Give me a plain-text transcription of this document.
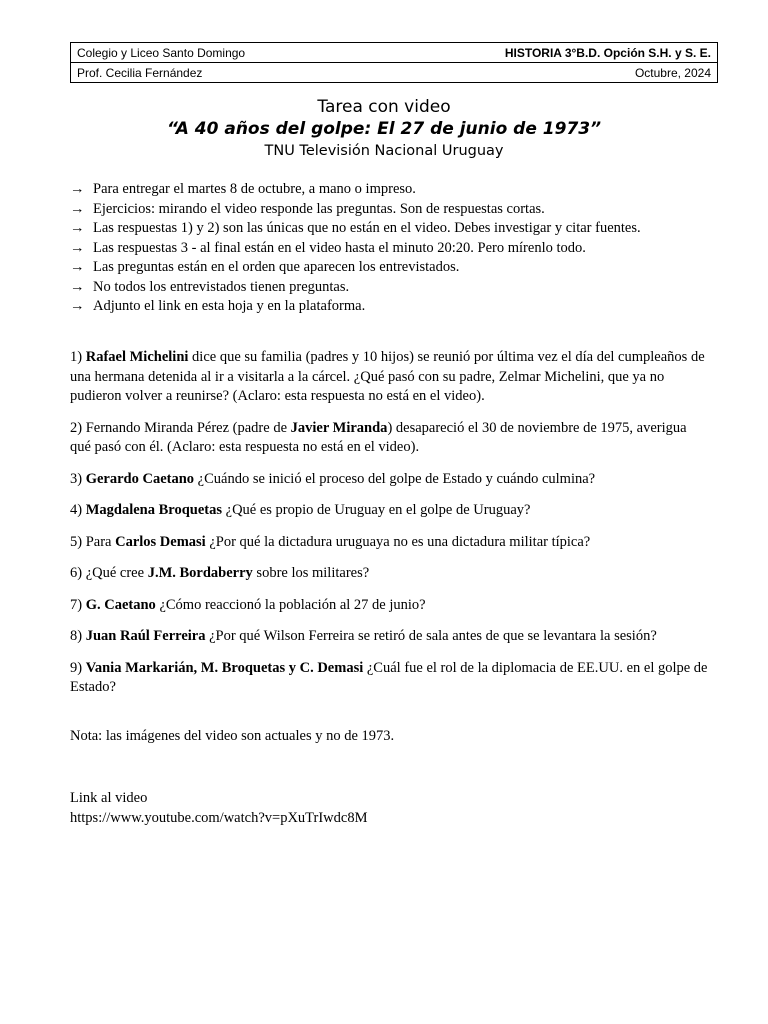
Colegio y Liceo Santo Domingo	HISTORIA 3°B.D. Opción S.H. y S. E.
Prof. Cecilia Fernández	Octubre, 2024
Tarea con video
“A 40 años del golpe: El 27 de junio de 1973”
TNU Televisión Nacional Uruguay
→ Para entregar el martes 8 de octubre, a mano o impreso.
→ Ejercicios: mirando el video responde las preguntas. Son de respuestas cortas.
→ Las respuestas 1) y 2) son las únicas que no están en el video. Debes investigar y citar fuentes.
→ Las respuestas 3 - al final están en el video hasta el minuto 20:20. Pero mírenlo todo.
→ Las preguntas están en el orden que aparecen los entrevistados.
→ No todos los entrevistados tienen preguntas.
→ Adjunto el link en esta hoja y en la plataforma.

1) Rafael Michelini dice que su familia (padres y 10 hijos) se reunió por última vez el día del cumpleaños de una hermana detenida al ir a visitarla a la cárcel. ¿Qué pasó con su padre, Zelmar Michelini, que ya no pudieron volver a reunirse? (Aclaro: esta respuesta no está en el video).

2) Fernando Miranda Pérez (padre de Javier Miranda) desapareció el 30 de noviembre de 1975, averigua qué pasó con él. (Aclaro: esta respuesta no está en el video).

3) Gerardo Caetano ¿Cuándo se inició el proceso del golpe de Estado y cuándo culmina?

4) Magdalena Broquetas ¿Qué es propio de Uruguay en el golpe de Uruguay?

5) Para Carlos Demasi ¿Por qué la dictadura uruguaya no es una dictadura militar típica?

6) ¿Qué cree J.M. Bordaberry sobre los militares?

7) G. Caetano ¿Cómo reaccionó la población al 27 de junio?

8) Juan Raúl Ferreira ¿Por qué Wilson Ferreira se retiró de sala antes de que se levantara la sesión?

9) Vania Markarián, M. Broquetas y C. Demasi ¿Cuál fue el rol de la diplomacia de EE.UU. en el golpe de Estado?

Nota: las imágenes del video son actuales y no de 1973.

Link al video
https://www.youtube.com/watch?v=pXuTrIwdc8M
